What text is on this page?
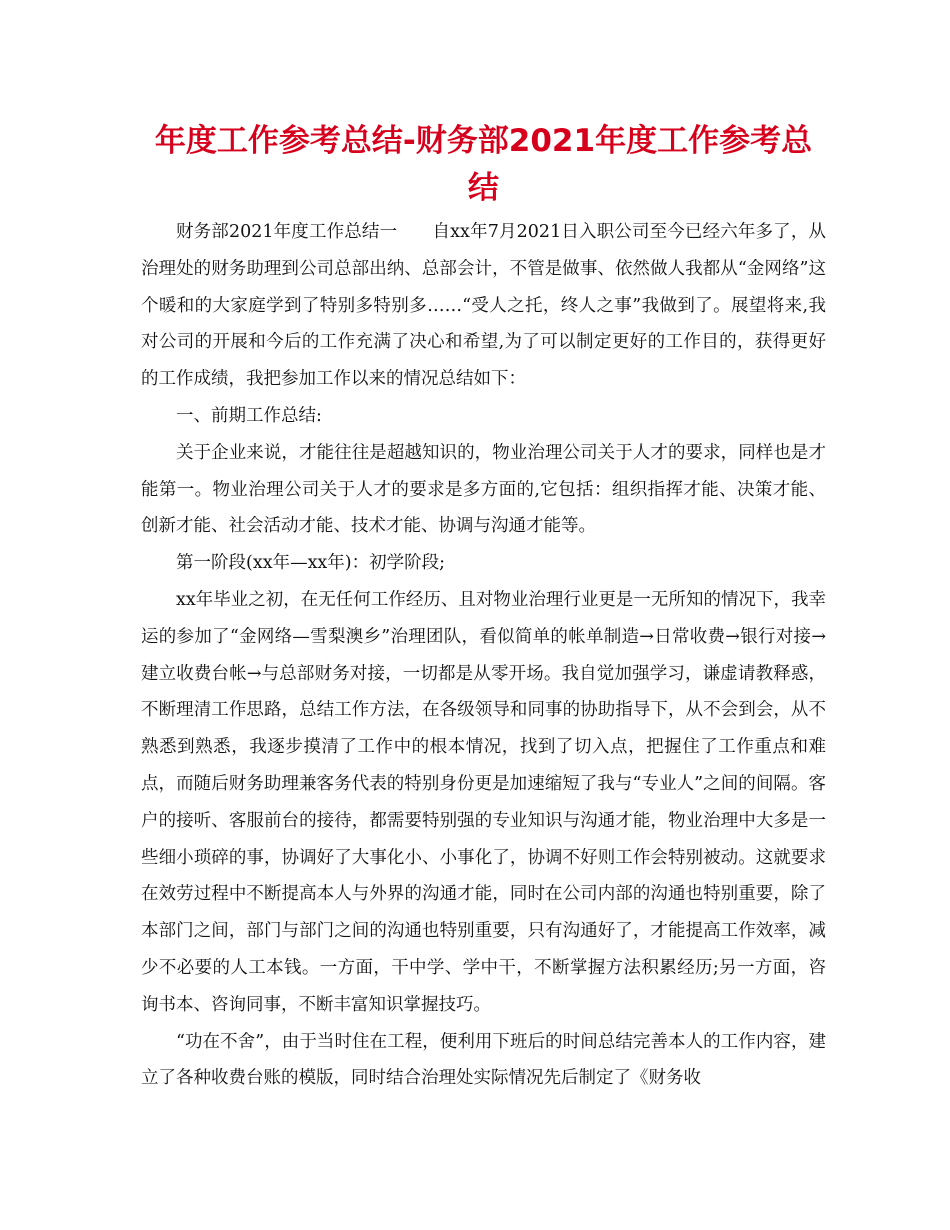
年度工作参考总结-财务部2021年度工作参考总结

财务部2021年度工作总结一　　自xx年7月2021日入职公司至今已经六年多了，从治理处的财务助理到公司总部出纳、总部会计，不管是做事、依然做人我都从“金网络”这个暖和的大家庭学到了特别多特别多……“受人之托，终人之事”我做到了。展望将来,我对公司的开展和今后的工作充满了决心和希望,为了可以制定更好的工作目的，获得更好的工作成绩，我把参加工作以来的情况总结如下：

一、前期工作总结:

关于企业来说，才能往往是超越知识的，物业治理公司关于人才的要求，同样也是才能第一。物业治理公司关于人才的要求是多方面的,它包括：组织指挥才能、决策才能、创新才能、社会活动才能、技术才能、协调与沟通才能等。

第一阶段(xx年—xx年)：初学阶段;

xx年毕业之初，在无任何工作经历、且对物业治理行业更是一无所知的情况下，我幸运的参加了“金网络—雪梨澳乡”治理团队，看似简单的帐单制造→日常收费→银行对接→建立收费台帐→与总部财务对接，一切都是从零开场。我自觉加强学习，谦虚请教释惑，不断理清工作思路，总结工作方法，在各级领导和同事的协助指导下，从不会到会，从不熟悉到熟悉，我逐步摸清了工作中的根本情况，找到了切入点，把握住了工作重点和难点，而随后财务助理兼客务代表的特别身份更是加速缩短了我与“专业人”之间的间隔。客户的接听、客服前台的接待，都需要特别强的专业知识与沟通才能，物业治理中大多是一些细小琐碎的事，协调好了大事化小、小事化了，协调不好则工作会特别被动。这就要求在效劳过程中不断提高本人与外界的沟通才能，同时在公司内部的沟通也特别重要，除了本部门之间，部门与部门之间的沟通也特别重要，只有沟通好了，才能提高工作效率，减少不必要的人工本钱。一方面，干中学、学中干，不断掌握方法积累经历;另一方面，咨询书本、咨询同事，不断丰富知识掌握技巧。

“功在不舍”，由于当时住在工程，便利用下班后的时间总结完善本人的工作内容，建立了各种收费台账的模版，同时结合治理处实际情况先后制定了《财务收
